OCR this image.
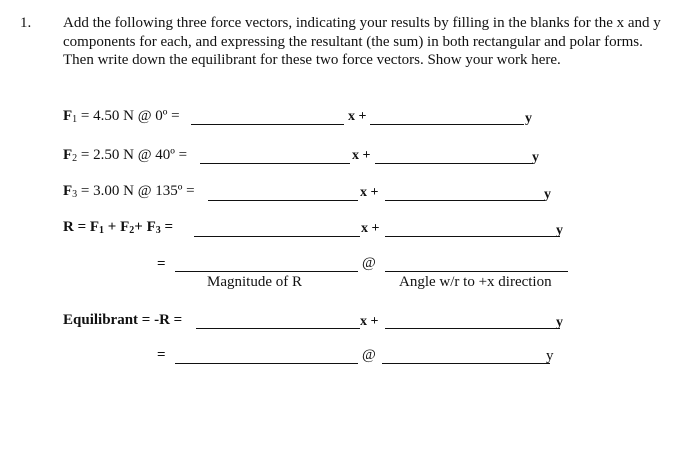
1. Add the following three force vectors, indicating your results by filling in the blanks for the x and y components for each, and expressing the resultant (the sum) in both rectangular and polar forms. Then write down the equilibrant for these two force vectors. Show your work here.
$F_1 = 4.50$ N @ 0º =	x +	y
$F_2 = 2.50$ N @ 40º =	x +	y
$F_3 = 3.00$ N @ 135º =	x +	y
$R = F_1 + F_2+ F_3$ =	x +	y
=	@
Magnitude of R	Angle w/r to +x direction
Equilibrant = -R =	x +	y
=	@	y
